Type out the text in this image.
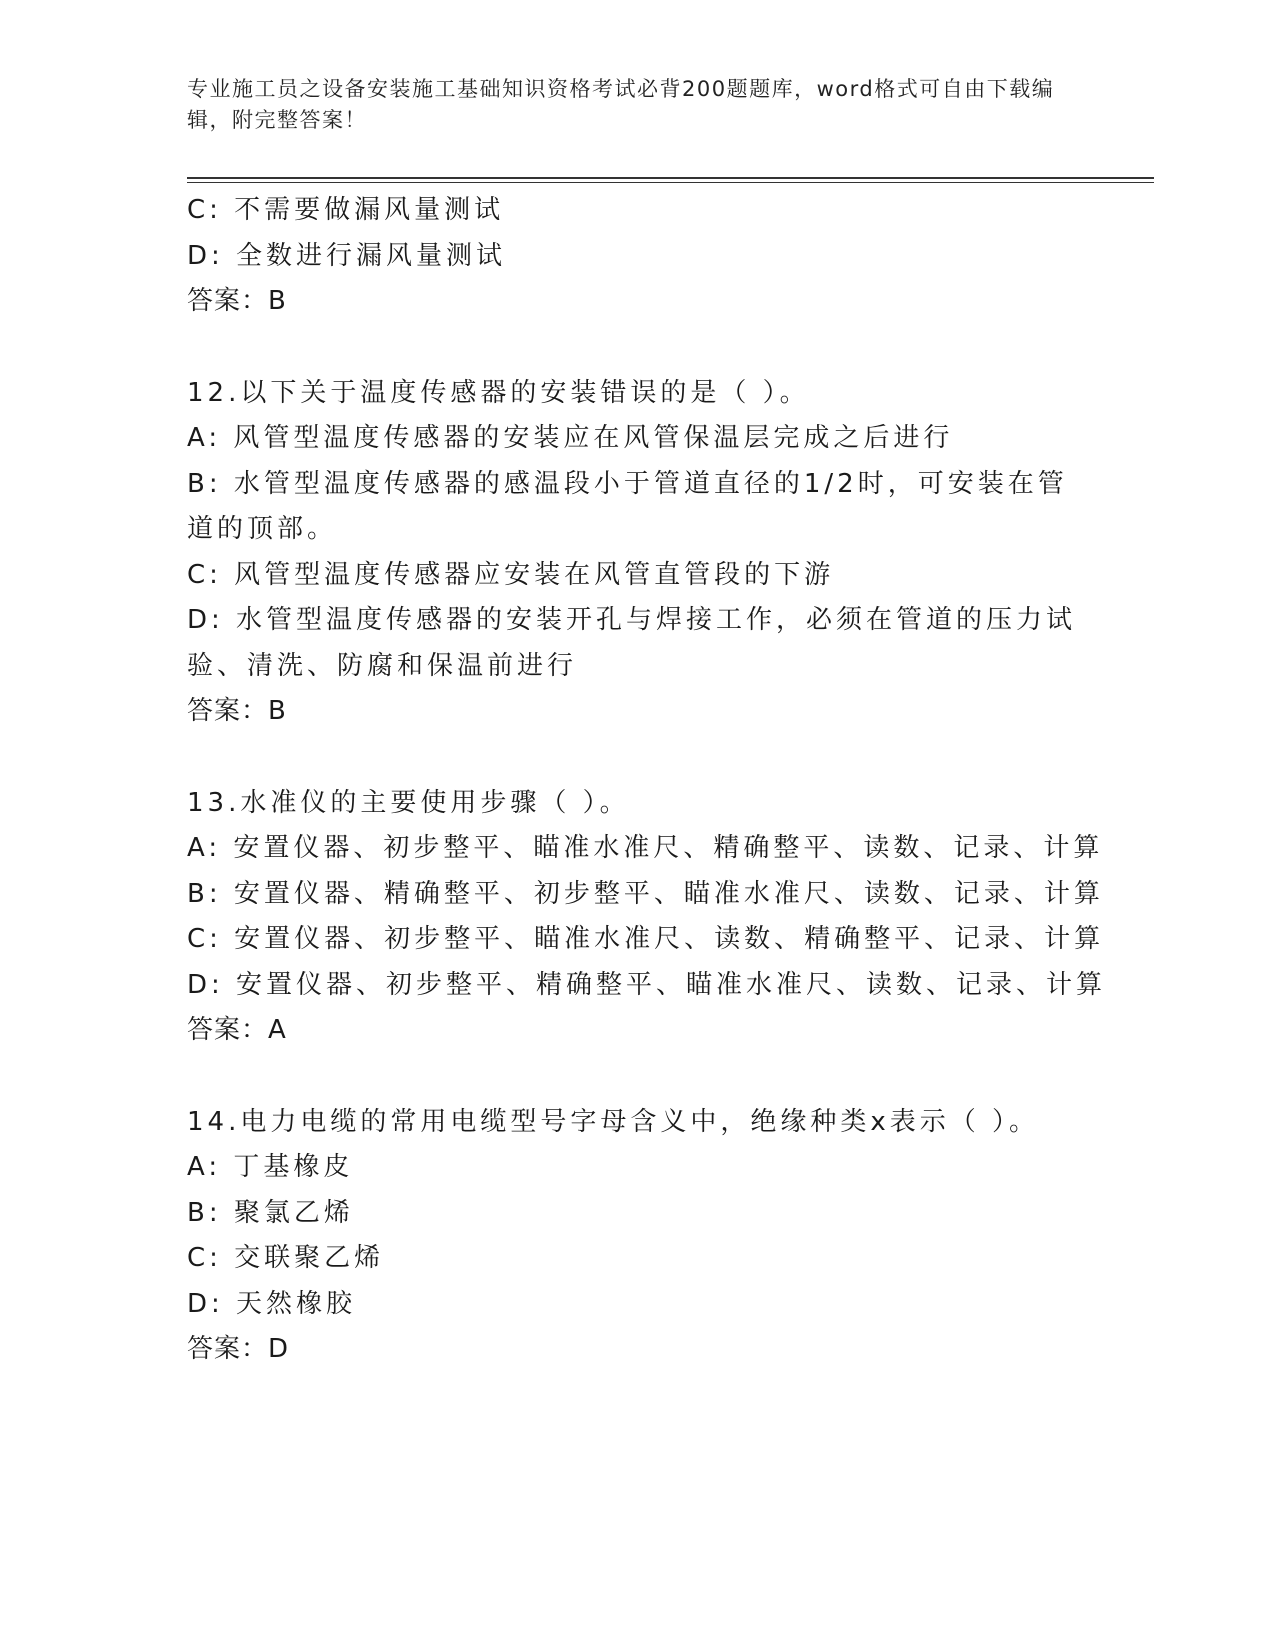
专业施工员之设备安装施工基础知识资格考试必背200题题库，word格式可自由下载编辑，附完整答案！
C: 不需要做漏风量测试
D: 全数进行漏风量测试
答案：B
12.以下关于温度传感器的安装错误的是（ ）。
A: 风管型温度传感器的安装应在风管保温层完成之后进行
B: 水管型温度传感器的感温段小于管道直径的1/2时，可安装在管道的顶部。
C: 风管型温度传感器应安装在风管直管段的下游
D: 水管型温度传感器的安装开孔与焊接工作，必须在管道的压力试验、清洗、防腐和保温前进行
答案：B
13.水准仪的主要使用步骤（ ）。
A: 安置仪器、初步整平、瞄准水准尺、精确整平、读数、记录、计算
B: 安置仪器、精确整平、初步整平、瞄准水准尺、读数、记录、计算
C: 安置仪器、初步整平、瞄准水准尺、读数、精确整平、记录、计算
D: 安置仪器、初步整平、精确整平、瞄准水准尺、读数、记录、计算
答案：A
14.电力电缆的常用电缆型号字母含义中，绝缘种类x表示（ ）。
A: 丁基橡皮
B: 聚氯乙烯
C: 交联聚乙烯
D: 天然橡胶
答案：D
